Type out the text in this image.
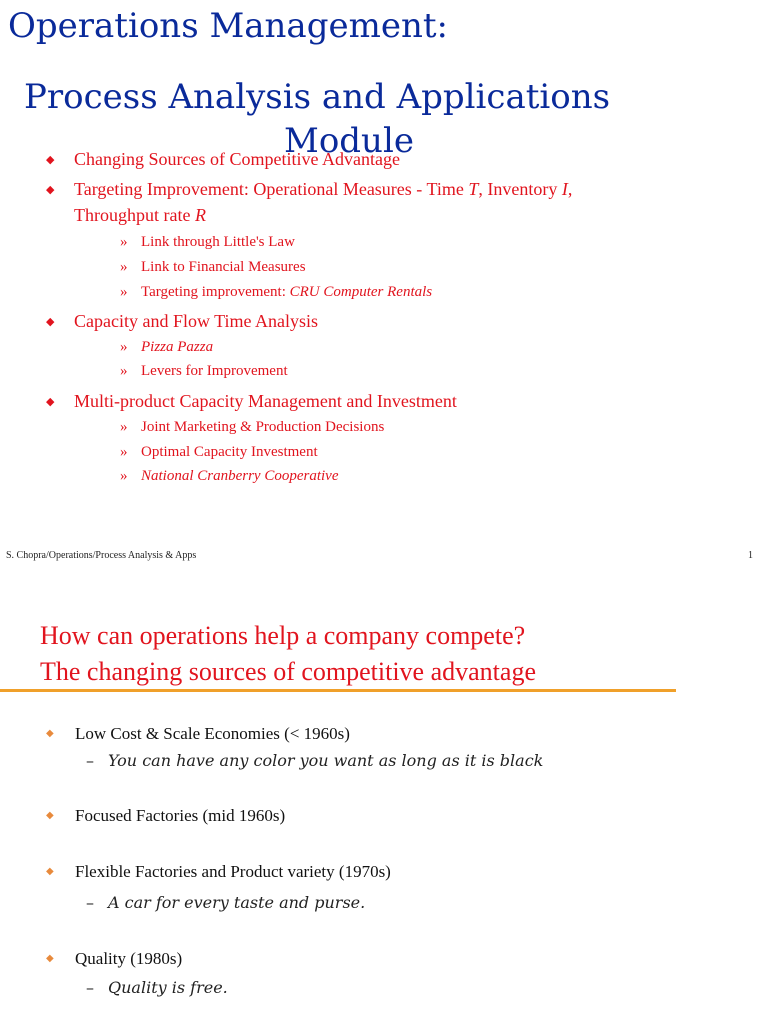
Operations Management:
Process Analysis and Applications
Module
◆ Changing Sources of Competitive Advantage
◆ Targeting Improvement: Operational Measures - Time T, Inventory I,
Throughput rate R
» Link through Little's Law
» Link to Financial Measures
» Targeting improvement: CRU Computer Rentals
◆ Capacity and Flow Time Analysis
» Pizza Pazza
» Levers for Improvement
◆ Multi-product Capacity Management and Investment
» Joint Marketing & Production Decisions
» Optimal Capacity Investment
» National Cranberry Cooperative
S. Chopra/Operations/Process Analysis & Apps	1
How can operations help a company compete?
The changing sources of competitive advantage
◆ Low Cost & Scale Economies (< 1960s)
– You can have any color you want as long as it is black
◆ Focused Factories (mid 1960s)
◆ Flexible Factories and Product variety (1970s)
– A car for every taste and purse.
◆ Quality (1980s)
– Quality is free.
